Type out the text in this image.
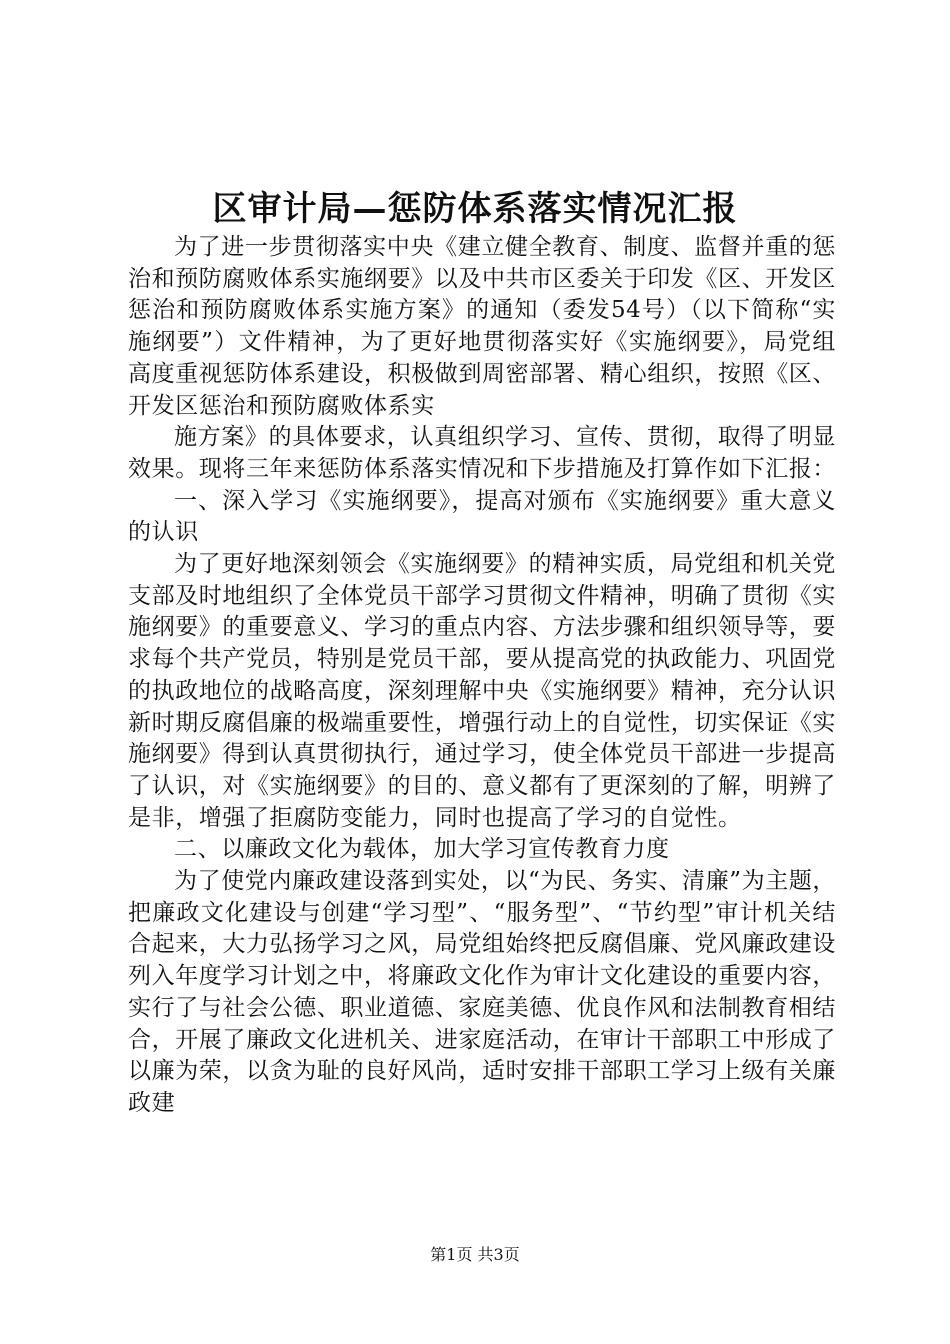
区审计局—惩防体系落实情况汇报

为了进一步贯彻落实中央《建立健全教育、制度、监督并重的惩治和预防腐败体系实施纲要》以及中共市区委关于印发《区、开发区惩治和预防腐败体系实施方案》的通知（委发54号）（以下简称“实施纲要”）文件精神，为了更好地贯彻落实好《实施纲要》，局党组高度重视惩防体系建设，积极做到周密部署、精心组织，按照《区、开发区惩治和预防腐败体系实

施方案》的具体要求，认真组织学习、宣传、贯彻，取得了明显效果。现将三年来惩防体系落实情况和下步措施及打算作如下汇报：

一、深入学习《实施纲要》，提高对颁布《实施纲要》重大意义的认识

为了更好地深刻领会《实施纲要》的精神实质，局党组和机关党支部及时地组织了全体党员干部学习贯彻文件精神，明确了贯彻《实施纲要》的重要意义、学习的重点内容、方法步骤和组织领导等，要求每个共产党员，特别是党员干部，要从提高党的执政能力、巩固党的执政地位的战略高度，深刻理解中央《实施纲要》精神，充分认识新时期反腐倡廉的极端重要性，增强行动上的自觉性，切实保证《实施纲要》得到认真贯彻执行，通过学习，使全体党员干部进一步提高了认识，对《实施纲要》的目的、意义都有了更深刻的了解，明辨了是非，增强了拒腐防变能力，同时也提高了学习的自觉性。

二、以廉政文化为载体，加大学习宣传教育力度

为了使党内廉政建设落到实处，以“为民、务实、清廉”为主题，把廉政文化建设与创建“学习型”、“服务型”、“节约型”审计机关结合起来，大力弘扬学习之风，局党组始终把反腐倡廉、党风廉政建设列入年度学习计划之中，将廉政文化作为审计文化建设的重要内容，实行了与社会公德、职业道德、家庭美德、优良作风和法制教育相结合，开展了廉政文化进机关、进家庭活动，在审计干部职工中形成了以廉为荣，以贪为耻的良好风尚，适时安排干部职工学习上级有关廉政建

第1页 共3页
